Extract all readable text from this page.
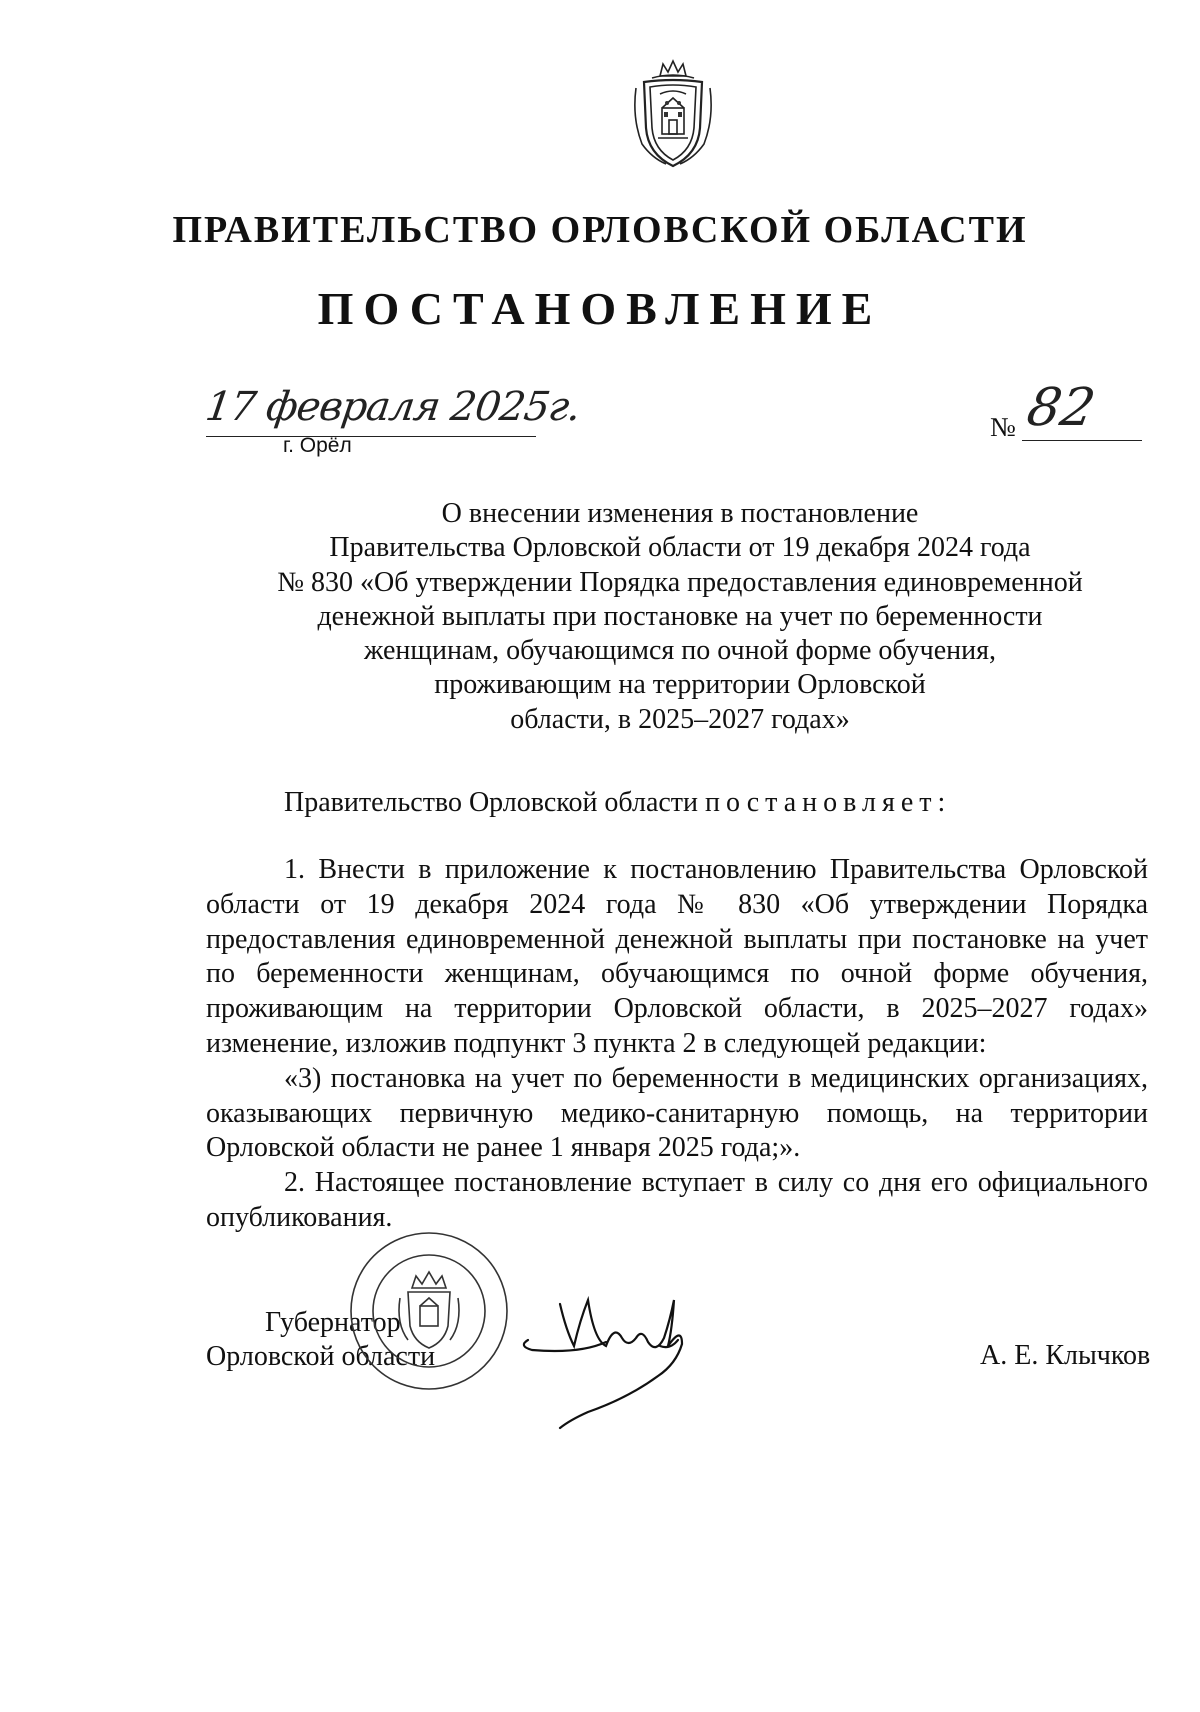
ПРАВИТЕЛЬСТВО ОРЛОВСКОЙ ОБЛАСТИ
ПОСТАНОВЛЕНИЕ
17 февраля 2025г.
г. Орёл
№ 82
О внесении изменения в постановление
Правительства Орловской области от 19 декабря 2024 года
№ 830 «Об утверждении Порядка предоставления единовременной
денежной выплаты при постановке на учет по беременности
женщинам, обучающимся по очной форме обучения,
проживающим на территории Орловской
области, в 2025–2027 годах»
Правительство Орловской области постановляет:
1. Внести в приложение к постановлению Правительства Орловской
области от 19 декабря 2024 года № 830 «Об утверждении Порядка
предоставления единовременной денежной выплаты при постановке на учет
по беременности женщинам, обучающимся по очной форме обучения,
проживающим на территории Орловской области, в 2025–2027 годах»
изменение, изложив подпункт 3 пункта 2 в следующей редакции:
«3) постановка на учет по беременности в медицинских организациях,
оказывающих первичную медико-санитарную помощь, на территории
Орловской области не ранее 1 января 2025 года;».
2. Настоящее постановление вступает в силу со дня его официального
опубликования.
Губернатор
Орловской области	А. Е. Клычков
